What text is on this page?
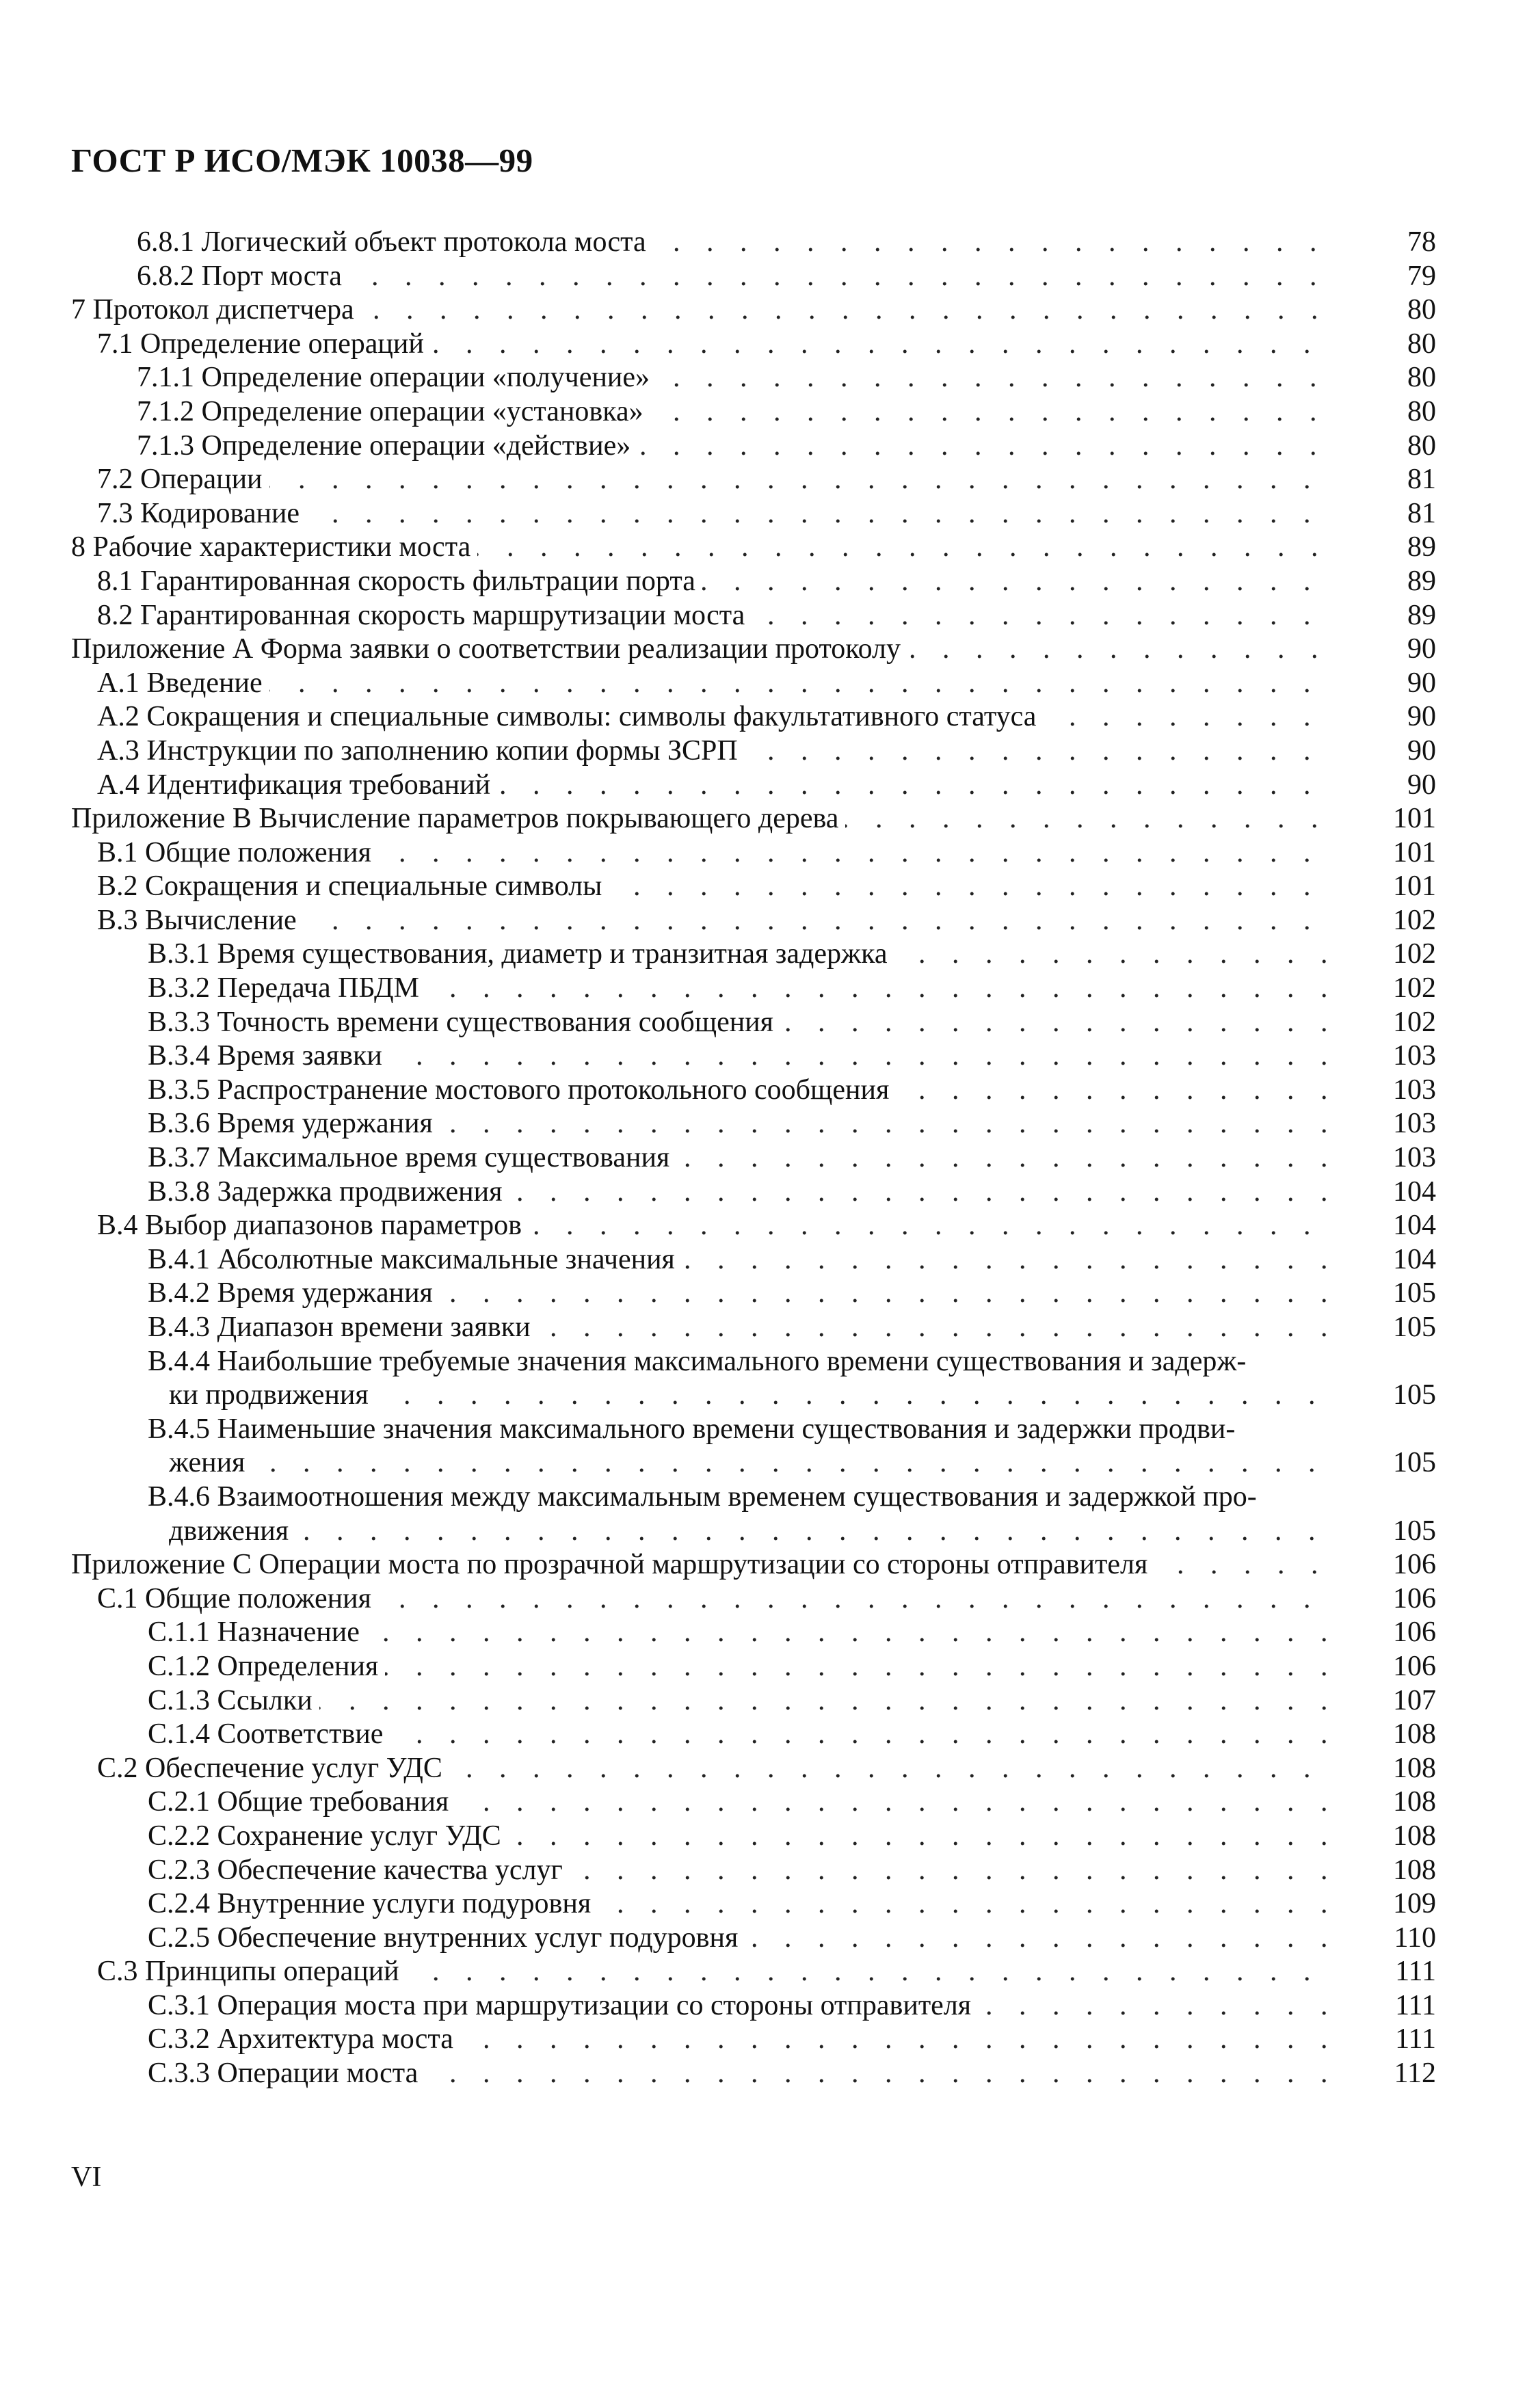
ГОСТ Р ИСО/МЭК 10038—99
6.8.1 Логический объект протокола моста . . .	78
6.8.2 Порт моста . . .	79
7 Протокол диспетчера . . .	80
7.1 Определение операций . . .	80
7.1.1 Определение операции «получение» . . .	80
7.1.2 Определение операции «установка» . . .	80
7.1.3 Определение операции «действие» . . .	80
7.2 Операции . . .	81
7.3 Кодирование . . .	81
8 Рабочие характеристики моста . . .	89
8.1 Гарантированная скорость фильтрации порта . . .	89
8.2 Гарантированная скорость маршрутизации моста . . .	89
Приложение А Форма заявки о соответствии реализации протоколу . . .	90
А.1 Введение . . .	90
А.2 Сокращения и специальные символы: символы факультативного статуса . . .	90
А.3 Инструкции по заполнению копии формы ЗСРП . . .	90
А.4 Идентификация требований . . .	90
Приложение В Вычисление параметров покрывающего дерева . . .	101
В.1 Общие положения . . .	101
В.2 Сокращения и специальные символы . . .	101
В.3 Вычисление . . .	102
В.3.1 Время существования, диаметр и транзитная задержка . . .	102
В.3.2 Передача ПБДМ . . .	102
В.3.3 Точность времени существования сообщения . . .	102
В.3.4 Время заявки . . .	103
В.3.5 Распространение мостового протокольного сообщения . . .	103
В.3.6 Время удержания . . .	103
В.3.7 Максимальное время существования . . .	103
В.3.8 Задержка продвижения . . .	104
В.4 Выбор диапазонов параметров . . .	104
В.4.1 Абсолютные максимальные значения . . .	104
В.4.2 Время удержания . . .	105
В.4.3 Диапазон времени заявки . . .	105
В.4.4 Наибольшие требуемые значения максимального времени существования и задерж-
ки продвижения . . .	105
В.4.5 Наименьшие значения максимального времени существования и задержки продви-
жения . . .	105
В.4.6 Взаимоотношения между максимальным временем существования и задержкой про-
движения . . .	105
Приложение С Операции моста по прозрачной маршрутизации со стороны отправителя . . .	106
С.1 Общие положения . . .	106
С.1.1 Назначение . . .	106
С.1.2 Определения . . .	106
С.1.3 Ссылки . . .	107
С.1.4 Соответствие . . .	108
С.2 Обеспечение услуг УДС . . .	108
С.2.1 Общие требования . . .	108
С.2.2 Сохранение услуг УДС . . .	108
С.2.3 Обеспечение качества услуг . . .	108
С.2.4 Внутренние услуги подуровня . . .	109
С.2.5 Обеспечение внутренних услуг подуровня . . .	110
С.3 Принципы операций . . .	111
С.3.1 Операция моста при маршрутизации со стороны отправителя . . .	111
С.3.2 Архитектура моста . . .	111
С.3.3 Операции моста . . .	112
VI
